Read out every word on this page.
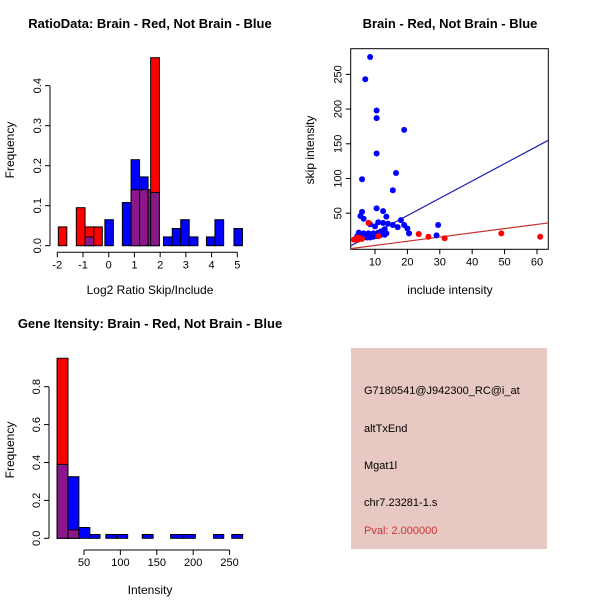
RatioData: Brain - Red, Not Brain - Blue
Frequency
-2 -1 0 1 2 3 4 5
0.0
0.1
0.2
0.3
0.4
Log2 Ratio Skip/Include
Brain - Red, Not Brain - Blue
skip intensity
10 20 30 40 50 60
50
100
150
200
250
include intensity
Gene Itensity: Brain - Red, Not Brain - Blue
Frequency
50 100 150 200 250
0.0
0.2
0.4
0.6
0.8
Intensity
G7180541@J942300_RC@i_at
altTxEnd
Mgat1l
chr7.23281-1.s
Pval: 2.000000
